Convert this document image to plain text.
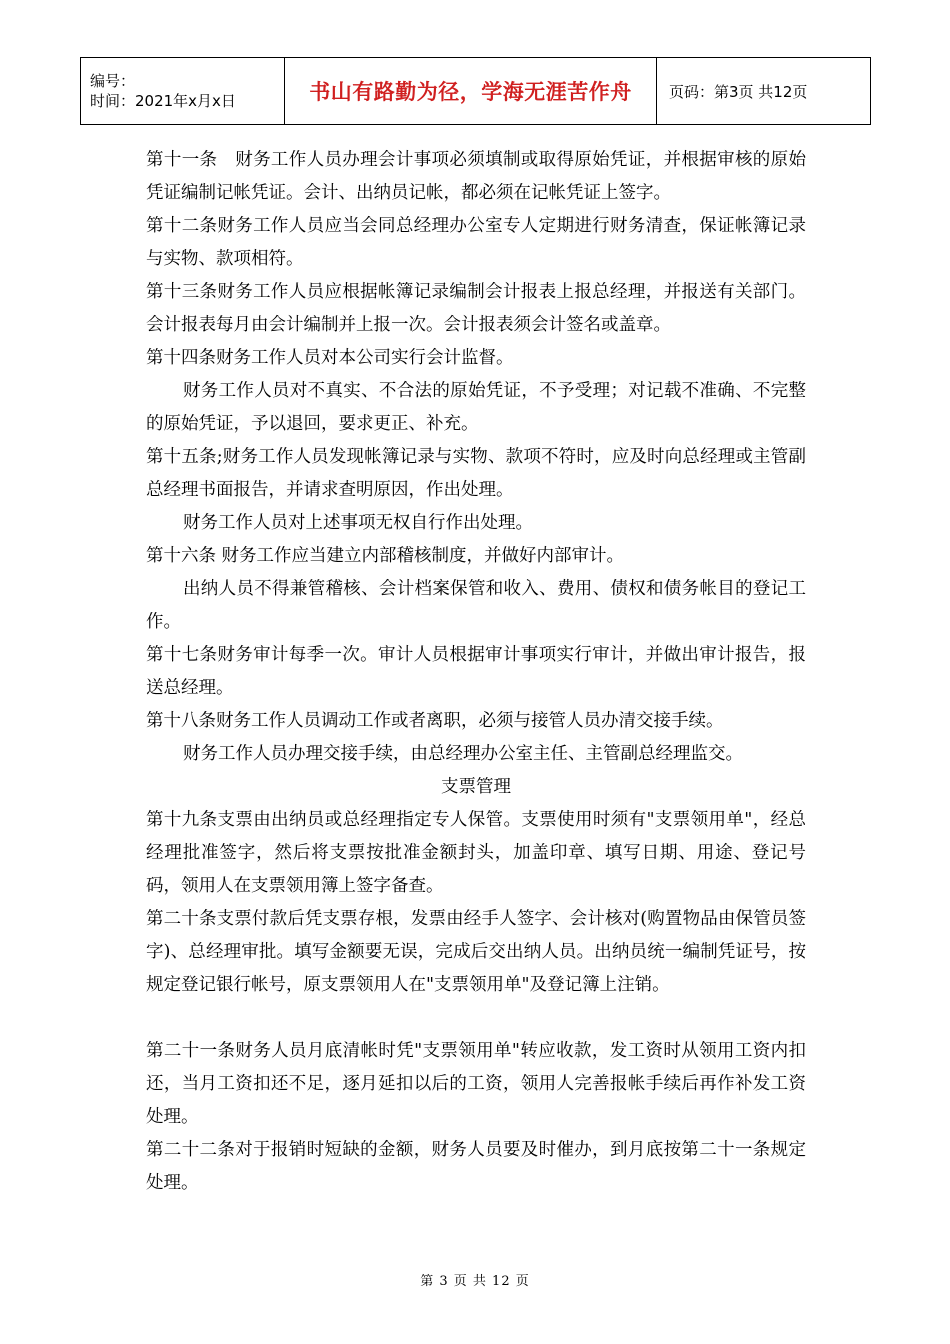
编号：
时间：2021年x月x日	书山有路勤为径，学海无涯苦作舟	页码：第3页 共12页

第十一条　财务工作人员办理会计事项必须填制或取得原始凭证，并根据审核的原始凭证编制记帐凭证。会计、出纳员记帐，都必须在记帐凭证上签字。

第十二条财务工作人员应当会同总经理办公室专人定期进行财务清查，保证帐簿记录与实物、款项相符。

第十三条财务工作人员应根据帐簿记录编制会计报表上报总经理，并报送有关部门。会计报表每月由会计编制并上报一次。会计报表须会计签名或盖章。

第十四条财务工作人员对本公司实行会计监督。

财务工作人员对不真实、不合法的原始凭证，不予受理；对记载不准确、不完整的原始凭证，予以退回，要求更正、补充。

第十五条;财务工作人员发现帐簿记录与实物、款项不符时，应及时向总经理或主管副总经理书面报告，并请求查明原因，作出处理。

财务工作人员对上述事项无权自行作出处理。

第十六条 财务工作应当建立内部稽核制度，并做好内部审计。

出纳人员不得兼管稽核、会计档案保管和收入、费用、债权和债务帐目的登记工作。

第十七条财务审计每季一次。审计人员根据审计事项实行审计，并做出审计报告，报送总经理。

第十八条财务工作人员调动工作或者离职，必须与接管人员办清交接手续。

财务工作人员办理交接手续，由总经理办公室主任、主管副总经理监交。

支票管理

第十九条支票由出纳员或总经理指定专人保管。支票使用时须有"支票领用单"，经总经理批准签字，然后将支票按批准金额封头，加盖印章、填写日期、用途、登记号码，领用人在支票领用簿上签字备查。

第二十条支票付款后凭支票存根，发票由经手人签字、会计核对(购置物品由保管员签字)、总经理审批。填写金额要无误，完成后交出纳人员。出纳员统一编制凭证号，按规定登记银行帐号，原支票领用人在"支票领用单"及登记簿上注销。

第二十一条财务人员月底清帐时凭"支票领用单"转应收款，发工资时从领用工资内扣还，当月工资扣还不足，逐月延扣以后的工资，领用人完善报帐手续后再作补发工资处理。

第二十二条对于报销时短缺的金额，财务人员要及时催办，到月底按第二十一条规定处理。

第 3 页 共 12 页
